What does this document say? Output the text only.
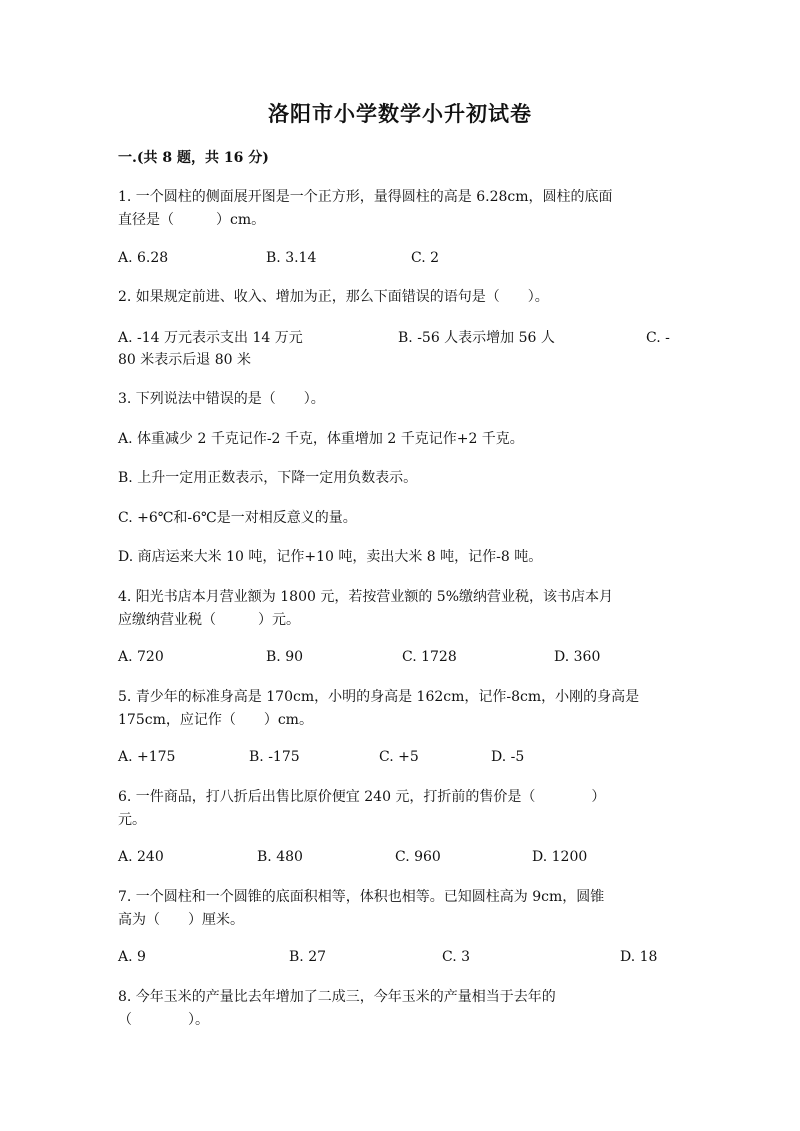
洛阳市小学数学小升初试卷
一.(共 8 题，共 16 分)
1. 一个圆柱的侧面展开图是一个正方形，量得圆柱的高是 6.28cm，圆柱的底面
直径是（　　　）cm。
A. 6.28	B. 3.14	C. 2
2. 如果规定前进、收入、增加为正，那么下面错误的语句是（　　）。
A. -14 万元表示支出 14 万元	B. -56 人表示增加 56 人	C. -
80 米表示后退 80 米
3. 下列说法中错误的是（　　）。
A. 体重减少 2 千克记作-2 千克，体重增加 2 千克记作+2 千克。
B. 上升一定用正数表示，下降一定用负数表示。
C. +6℃和-6℃是一对相反意义的量。
D. 商店运来大米 10 吨，记作+10 吨，卖出大米 8 吨，记作-8 吨。
4. 阳光书店本月营业额为 1800 元，若按营业额的 5%缴纳营业税，该书店本月
应缴纳营业税（　　　）元。
A. 720	B. 90	C. 1728	D. 360
5. 青少年的标准身高是 170cm，小明的身高是 162cm，记作-8cm，小刚的身高是
175cm，应记作（　　）cm。
A. +175	B. -175	C. +5	D. -5
6. 一件商品，打八折后出售比原价便宜 240 元，打折前的售价是（　　　　）
元。
A. 240	B. 480	C. 960	D. 1200
7. 一个圆柱和一个圆锥的底面积相等，体积也相等。已知圆柱高为 9cm，圆锥
高为（　　）厘米。
A. 9	B. 27	C. 3	D. 18
8. 今年玉米的产量比去年增加了二成三，今年玉米的产量相当于去年的
（　　　　）。
